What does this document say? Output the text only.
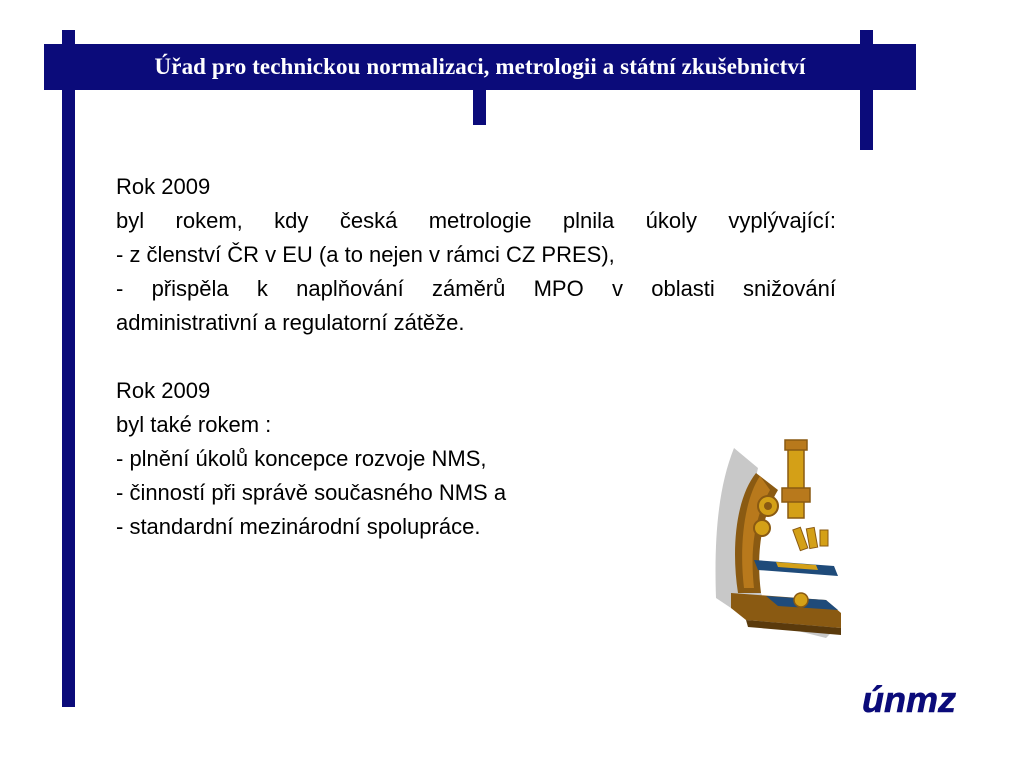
Úřad pro technickou normalizaci, metrologii a státní zkušebnictví
Rok 2009
byl rokem, kdy česká metrologie plnila úkoly vyplývající:
- z členství ČR v EU (a to nejen v rámci CZ PRES),
- přispěla k naplňování záměrů MPO v oblasti snižování
administrativní a regulatorní zátěže.
Rok 2009
byl také rokem :
- plnění úkolů koncepce rozvoje NMS,
- činností při správě současného NMS a
- standardní mezinárodní spolupráce.
únmz
